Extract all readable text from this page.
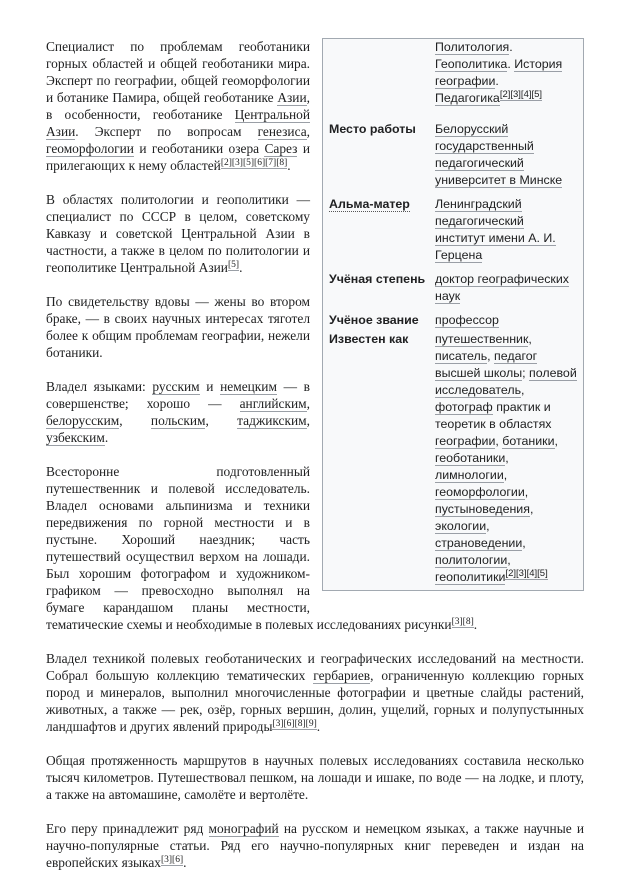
Политология. Геополитика. История географии. Педагогика[2][3][4][5]
Место работы	Белорусский государственный педагогический университет в Минске
Альма-матер	Ленинградский педагогический институт имени А. И. Герцена
Учёная степень доктор географических наук
Учёное звание	профессор
Известен как	путешественник, писатель, педагог высшей школы; полевой исследователь, фотограф практик и теоретик в областях географии, ботаники, геоботаники, лимнологии, геоморфологии, пустыноведения, экологии, страноведении, политологии, геополитики[2][3][4][5]

Специалист по проблемам геоботаники горных областей и общей геоботаники мира. Эксперт по географии, общей геоморфологии и ботанике Памира, общей геоботанике Азии, в особенности, геоботанике Центральной Азии. Эксперт по вопросам генезиса, геоморфологии и геоботаники озера Сарез и прилегающих к нему областей[2][3][5][6][7][8].

В областях политологии и геополитики — специалист по СССР в целом, советскому Кавказу и советской Центральной Азии в частности, а также в целом по политологии и геополитике Центральной Азии[5].

По свидетельству вдовы — жены во втором браке, — в своих научных интересах тяготел более к общим проблемам географии, нежели ботаники.

Владел языками: русским и немецким — в совершенстве; хорошо — английским, белорусским, польским, таджикским, узбекским.

Всесторонне подготовленный путешественник и полевой исследователь. Владел основами альпинизма и техники передвижения по горной местности и в пустыне. Хороший наездник; часть путешествий осуществил верхом на лошади. Был хорошим фотографом и художником-графиком — превосходно выполнял на бумаге карандашом планы местности, тематические схемы и необходимые в полевых исследованиях рисунки[3][8].

Владел техникой полевых геоботанических и географических исследований на местности. Собрал большую коллекцию тематических гербариев, ограниченную коллекцию горных пород и минералов, выполнил многочисленные фотографии и цветные слайды растений, животных, а также — рек, озёр, горных вершин, долин, ущелий, горных и полупустынных ландшафтов и других явлений природы[3][6][8][9].

Общая протяженность маршрутов в научных полевых исследованиях составила несколько тысяч километров. Путешествовал пешком, на лошади и ишаке, по воде — на лодке, и плоту, а также на автомашине, самолёте и вертолёте.

Его перу принадлежит ряд монографий на русском и немецком языках, а также научные и научно-популярные статьи. Ряд его научно-популярных книг переведен и издан на европейских языках[3][6].
